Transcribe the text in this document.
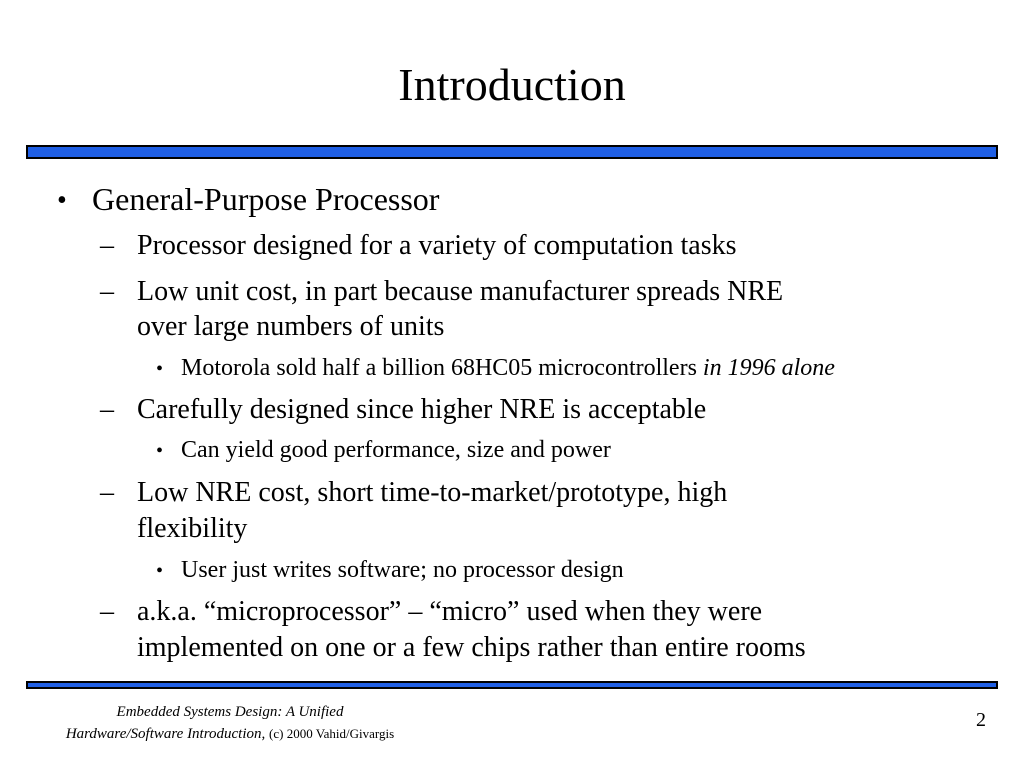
Introduction
• General-Purpose Processor
– Processor designed for a variety of computation tasks
– Low unit cost, in part because manufacturer spreads NRE
over large numbers of units
• Motorola sold half a billion 68HC05 microcontrollers in 1996 alone
– Carefully designed since higher NRE is acceptable
• Can yield good performance, size and power
– Low NRE cost, short time-to-market/prototype, high
flexibility
• User just writes software; no processor design
– a.k.a. “microprocessor” – “micro” used when they were
implemented on one or a few chips rather than entire rooms
Embedded Systems Design: A Unified
Hardware/Software Introduction, (c) 2000 Vahid/Givargis
2
